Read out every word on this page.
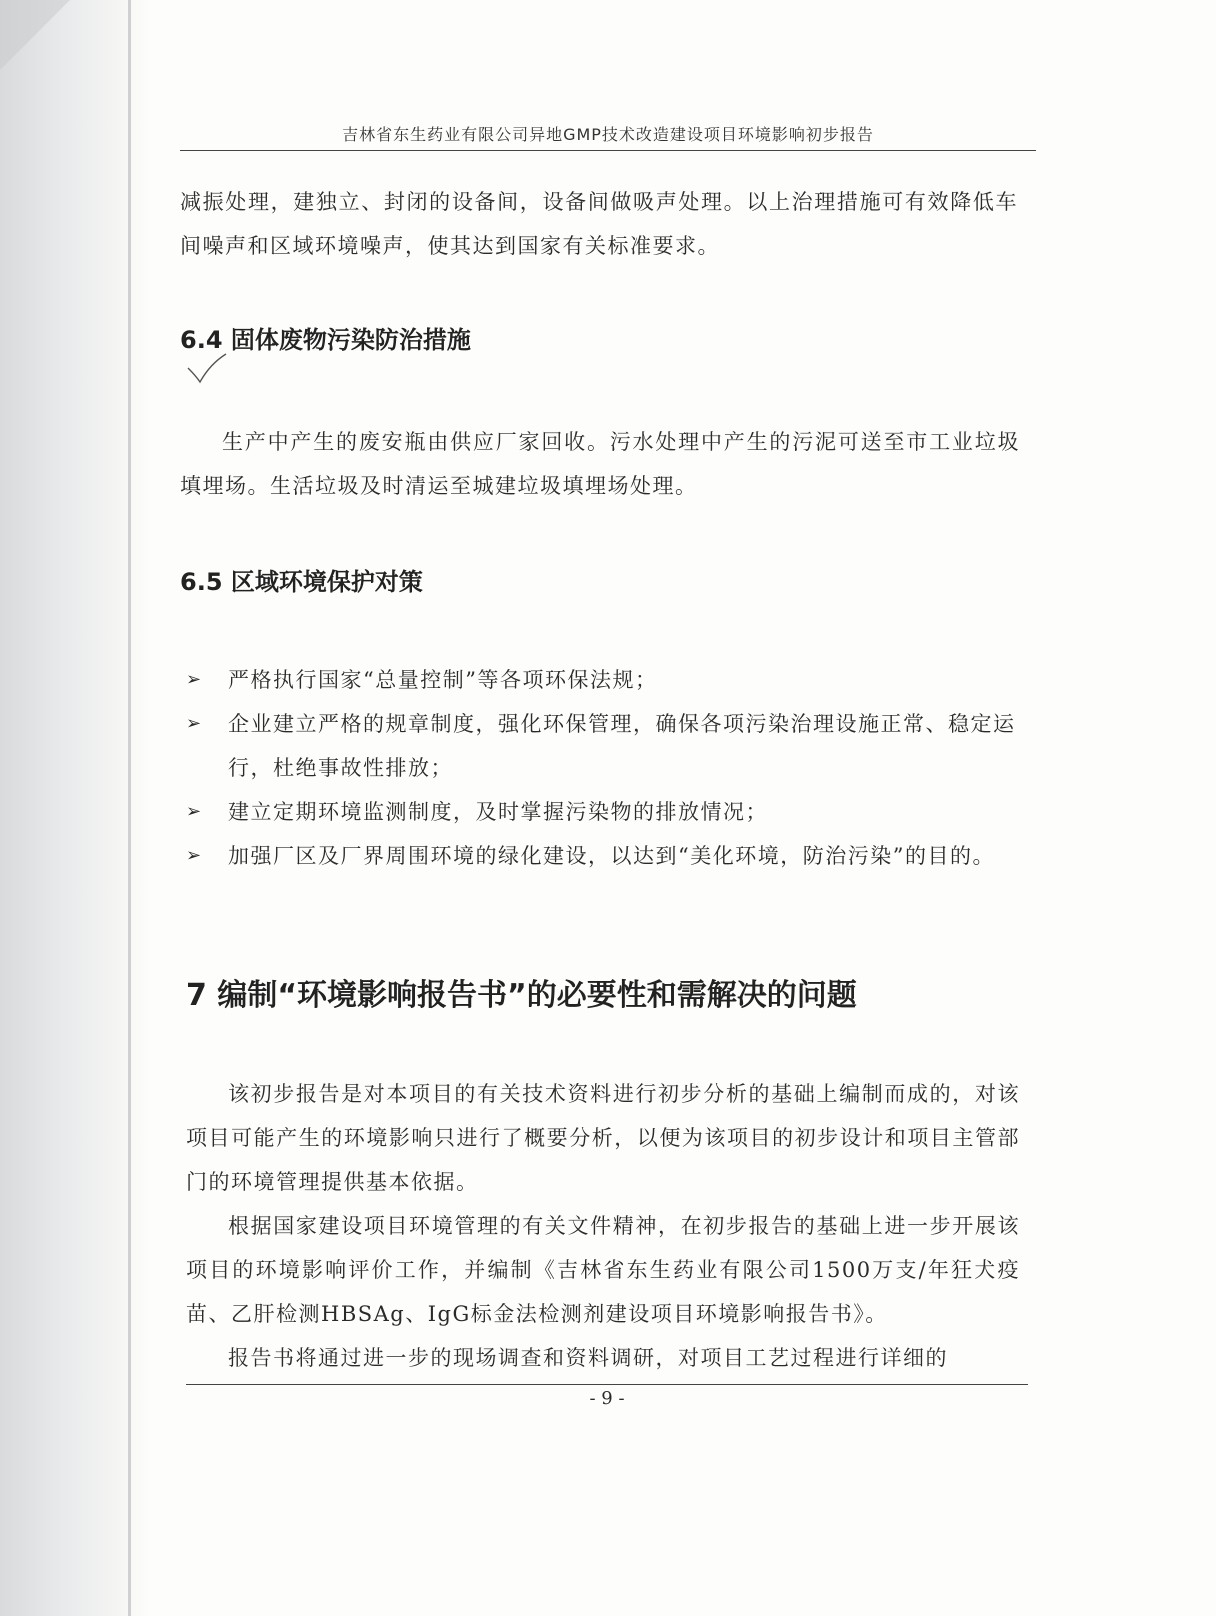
吉林省东生药业有限公司异地GMP技术改造建设项目环境影响初步报告

减振处理，建独立、封闭的设备间，设备间做吸声处理。以上治理措施可有效降低车间噪声和区域环境噪声，使其达到国家有关标准要求。

6.4 固体废物污染防治措施

生产中产生的废安瓶由供应厂家回收。污水处理中产生的污泥可送至市工业垃圾填埋场。生活垃圾及时清运至城建垃圾填埋场处理。

6.5 区域环境保护对策
➢ 严格执行国家“总量控制”等各项环保法规；
➢ 企业建立严格的规章制度，强化环保管理，确保各项污染治理设施正常、稳定运行，杜绝事故性排放；
➢ 建立定期环境监测制度，及时掌握污染物的排放情况；
➢ 加强厂区及厂界周围环境的绿化建设，以达到“美化环境，防治污染”的目的。
7 编制“环境影响报告书”的必要性和需解决的问题

该初步报告是对本项目的有关技术资料进行初步分析的基础上编制而成的，对该项目可能产生的环境影响只进行了概要分析，以便为该项目的初步设计和项目主管部门的环境管理提供基本依据。

根据国家建设项目环境管理的有关文件精神，在初步报告的基础上进一步开展该项目的环境影响评价工作，并编制《吉林省东生药业有限公司1500万支/年狂犬疫苗、乙肝检测HBSAg、IgG标金法检测剂建设项目环境影响报告书》。

报告书将通过进一步的现场调查和资料调研，对项目工艺过程进行详细的

- 9 -
